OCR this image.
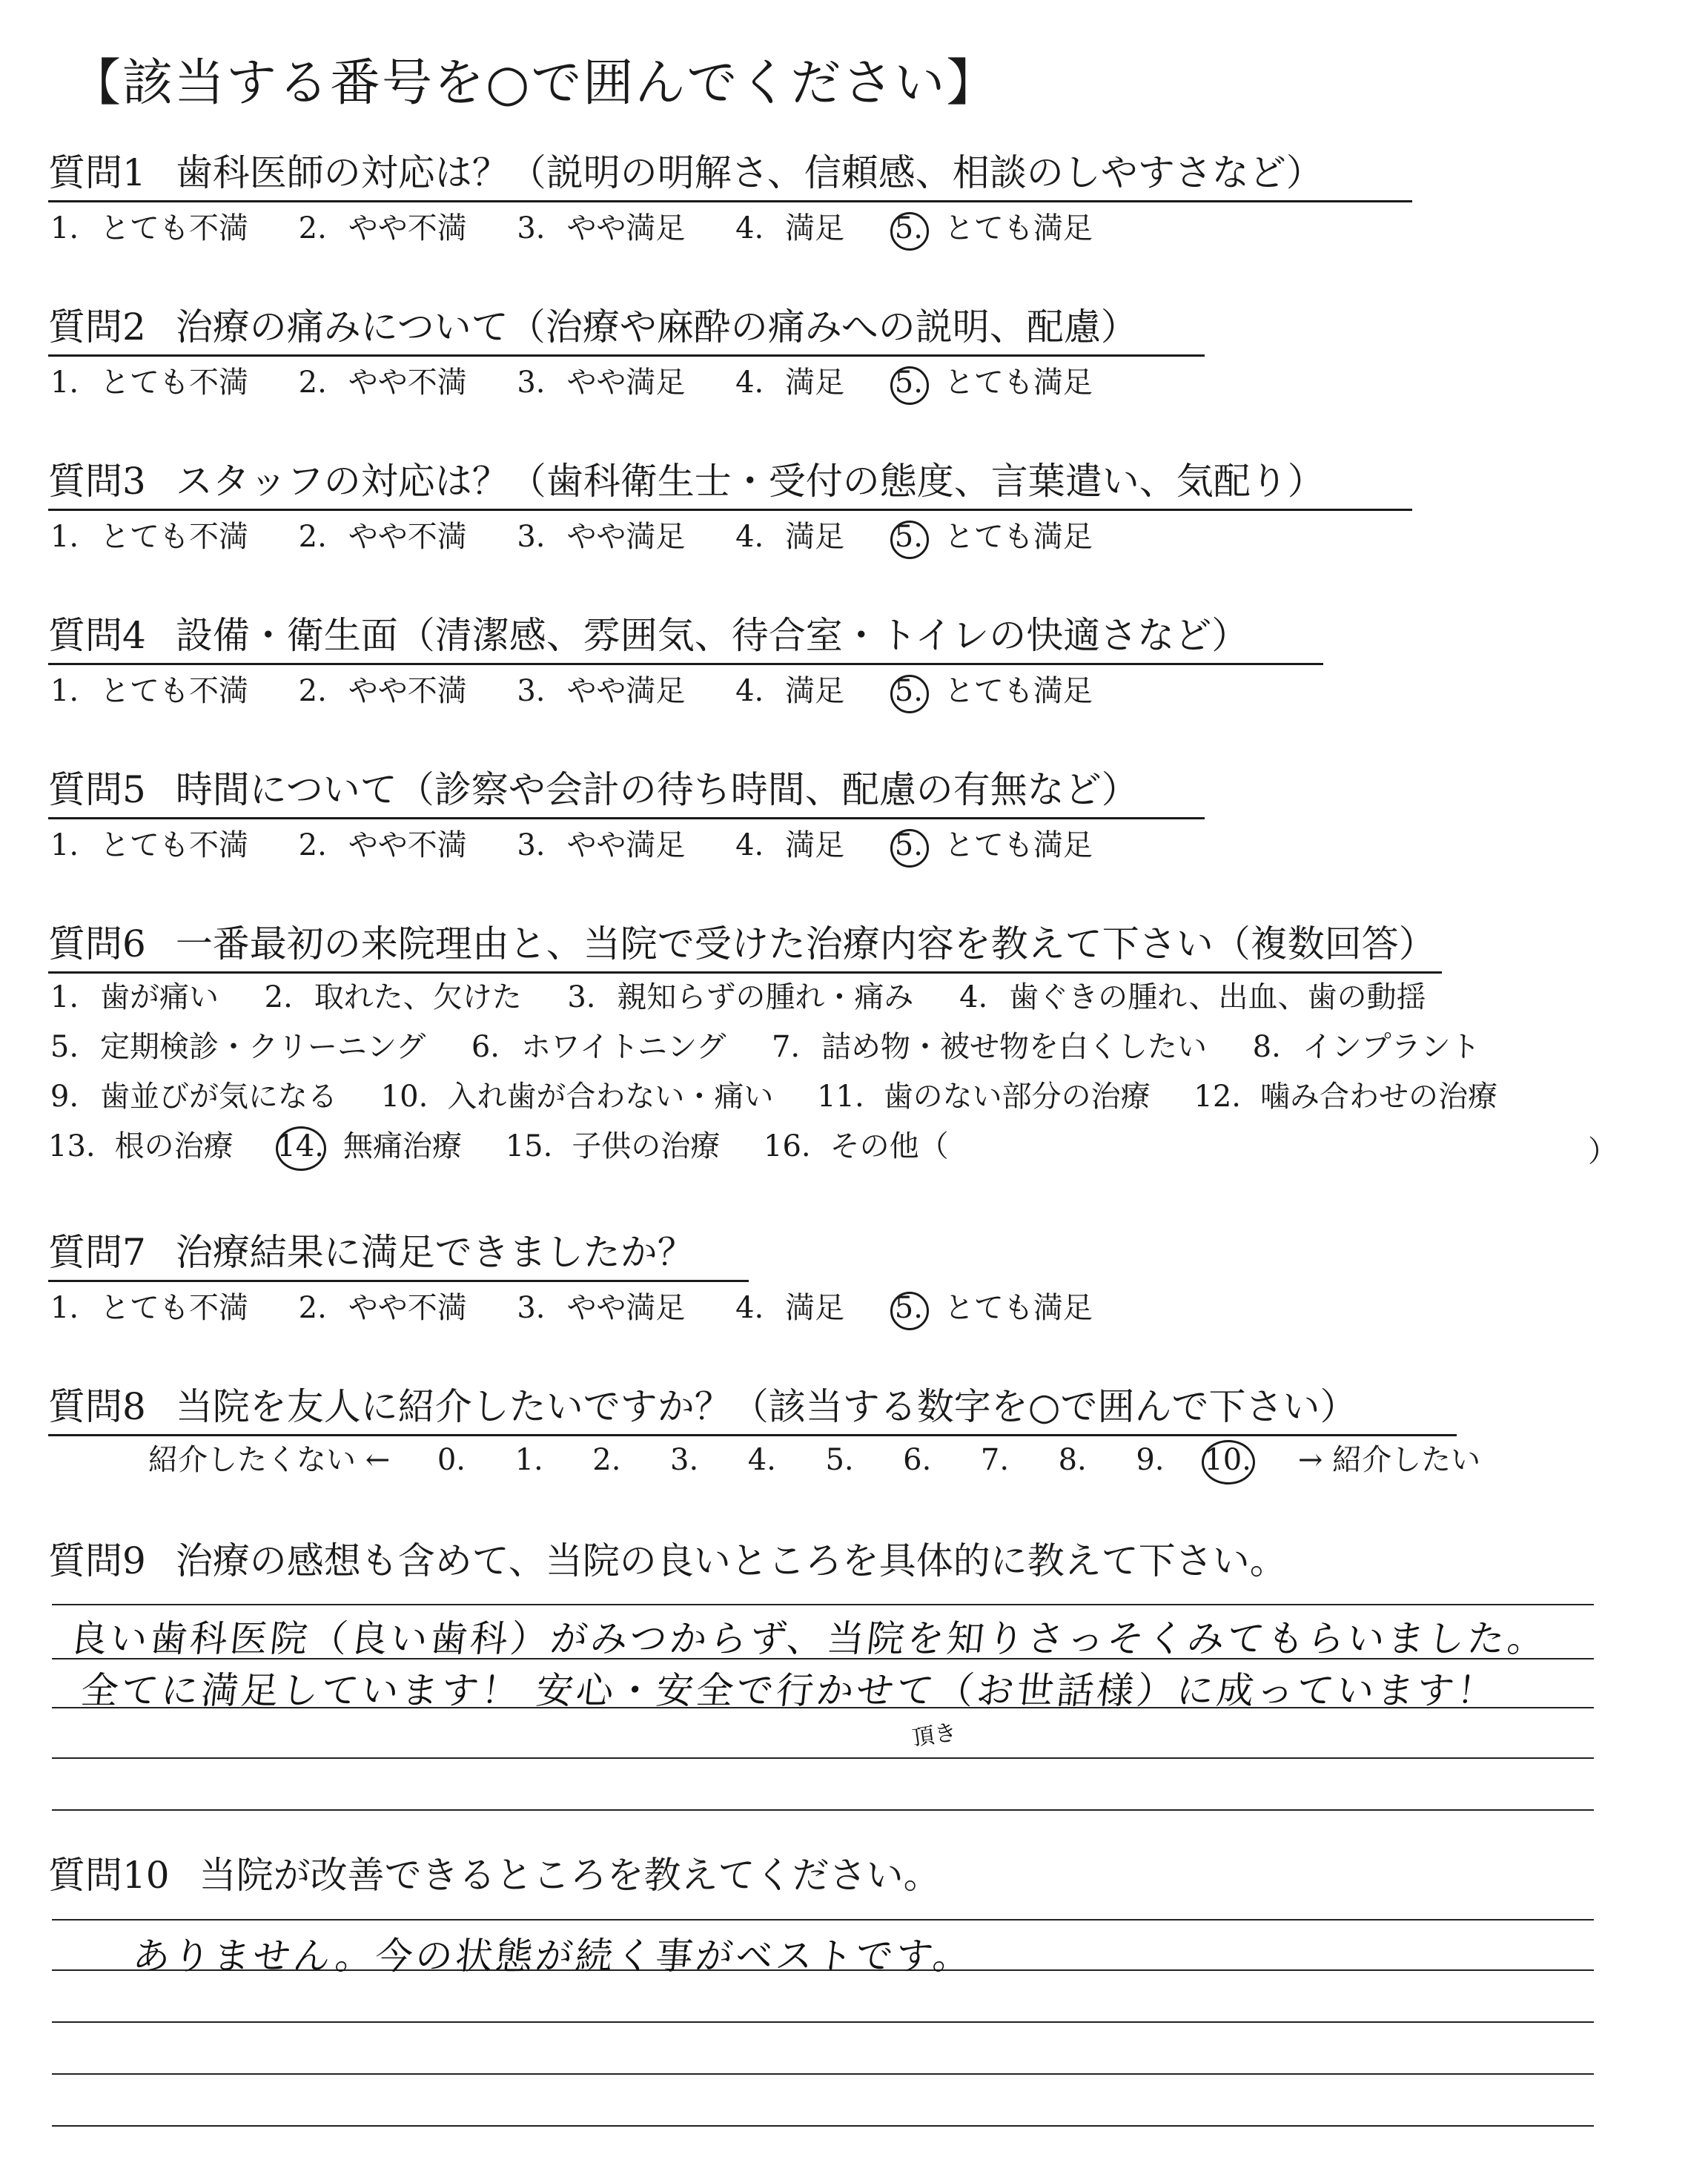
【該当する番号を○で囲んでください】
質問1 歯科医師の対応は？（説明の明解さ、信頼感、相談のしやすさなど）
1. とても不満 2. やや不満 3. やや満足 4. 満足 5. とても満足
質問2 治療の痛みについて（治療や麻酔の痛みへの説明、配慮）
1. とても不満 2. やや不満 3. やや満足 4. 満足 5. とても満足
質問3 スタッフの対応は？（歯科衛生士・受付の態度、言葉遣い、気配り）
1. とても不満 2. やや不満 3. やや満足 4. 満足 5. とても満足
質問4 設備・衛生面（清潔感、雰囲気、待合室・トイレの快適さなど）
1. とても不満 2. やや不満 3. やや満足 4. 満足 5. とても満足
質問5 時間について（診察や会計の待ち時間、配慮の有無など）
1. とても不満 2. やや不満 3. やや満足 4. 満足 5. とても満足
質問6 一番最初の来院理由と、当院で受けた治療内容を教えて下さい（複数回答）
1. 歯が痛い 2. 取れた、欠けた 3. 親知らずの腫れ・痛み 4. 歯ぐきの腫れ、出血、歯の動揺
5. 定期検診・クリーニング 6. ホワイトニング 7. 詰め物・被せ物を白くしたい 8. インプラント
9. 歯並びが気になる 10. 入れ歯が合わない・痛い 11. 歯のない部分の治療 12. 噛み合わせの治療
13. 根の治療 14. 無痛治療 15. 子供の治療 16. その他（	）
質問7 治療結果に満足できましたか？
1. とても不満 2. やや不満 3. やや満足 4. 満足 5. とても満足
質問8 当院を友人に紹介したいですか？（該当する数字を○で囲んで下さい）
紹介したくない ← 0. 1. 2. 3. 4. 5. 6. 7. 8. 9. 10. → 紹介したい
質問9 治療の感想も含めて、当院の良いところを具体的に教えて下さい。
良い歯科医院（良い歯科）がみつからず、当院を知りさっそくみてもらいました。
全てに満足しています！ 安心・安全で行かせて（お世話様）に成っています！
頂き
質問10 当院が改善できるところを教えてください。
ありません。今の状態が続く事がベストです。
